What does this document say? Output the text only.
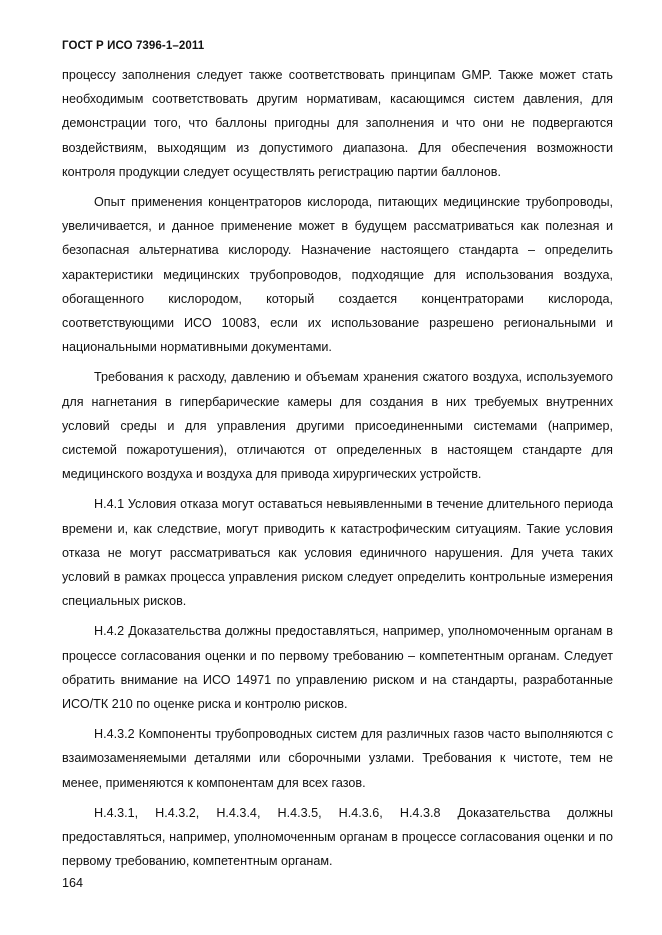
ГОСТ Р ИСО 7396-1–2011

процессу заполнения следует также соответствовать принципам GMP. Также может стать необходимым соответствовать другим нормативам, касающимся систем давления, для демонстрации того, что баллоны пригодны для заполнения и что они не подвергаются воздействиям, выходящим из допустимого диапазона. Для обеспечения возможности контроля продукции следует осуществлять регистрацию партии баллонов.

Опыт применения концентраторов кислорода, питающих медицинские трубопроводы, увеличивается, и данное применение может в будущем рассматриваться как полезная и безопасная альтернатива кислороду. Назначение настоящего стандарта – определить характеристики медицинских трубопроводов, подходящие для использования воздуха, обогащенного кислородом, который создается концентраторами кислорода, соответствующими ИСО 10083, если их использование разрешено региональными и национальными нормативными документами.

Требования к расходу, давлению и объемам хранения сжатого воздуха, используемого для нагнетания в гипербарические камеры для создания в них требуемых внутренних условий среды и для управления другими присоединенными системами (например, системой пожаротушения), отличаются от определенных в настоящем стандарте для медицинского воздуха и воздуха для привода хирургических устройств.

Н.4.1 Условия отказа могут оставаться невыявленными в течение длительного периода времени и, как следствие, могут приводить к катастрофическим ситуациям. Такие условия отказа не могут рассматриваться как условия единичного нарушения. Для учета таких условий в рамках процесса управления риском следует определить контрольные измерения специальных рисков.

Н.4.2 Доказательства должны предоставляться, например, уполномоченным органам в процессе согласования оценки и по первому требованию – компетентным органам. Следует обратить внимание на ИСО 14971 по управлению риском и на стандарты, разработанные ИСО/ТК 210 по оценке риска и контролю рисков.

Н.4.3.2 Компоненты трубопроводных систем для различных газов часто выполняются с взаимозаменяемыми деталями или сборочными узлами. Требования к чистоте, тем не менее, применяются к компонентам для всех газов.

Н.4.3.1, Н.4.3.2, Н.4.3.4, Н.4.3.5, Н.4.3.6, Н.4.3.8 Доказательства должны предоставляться, например, уполномоченным органам в процессе согласования оценки и по первому требованию, компетентным органам.

164
